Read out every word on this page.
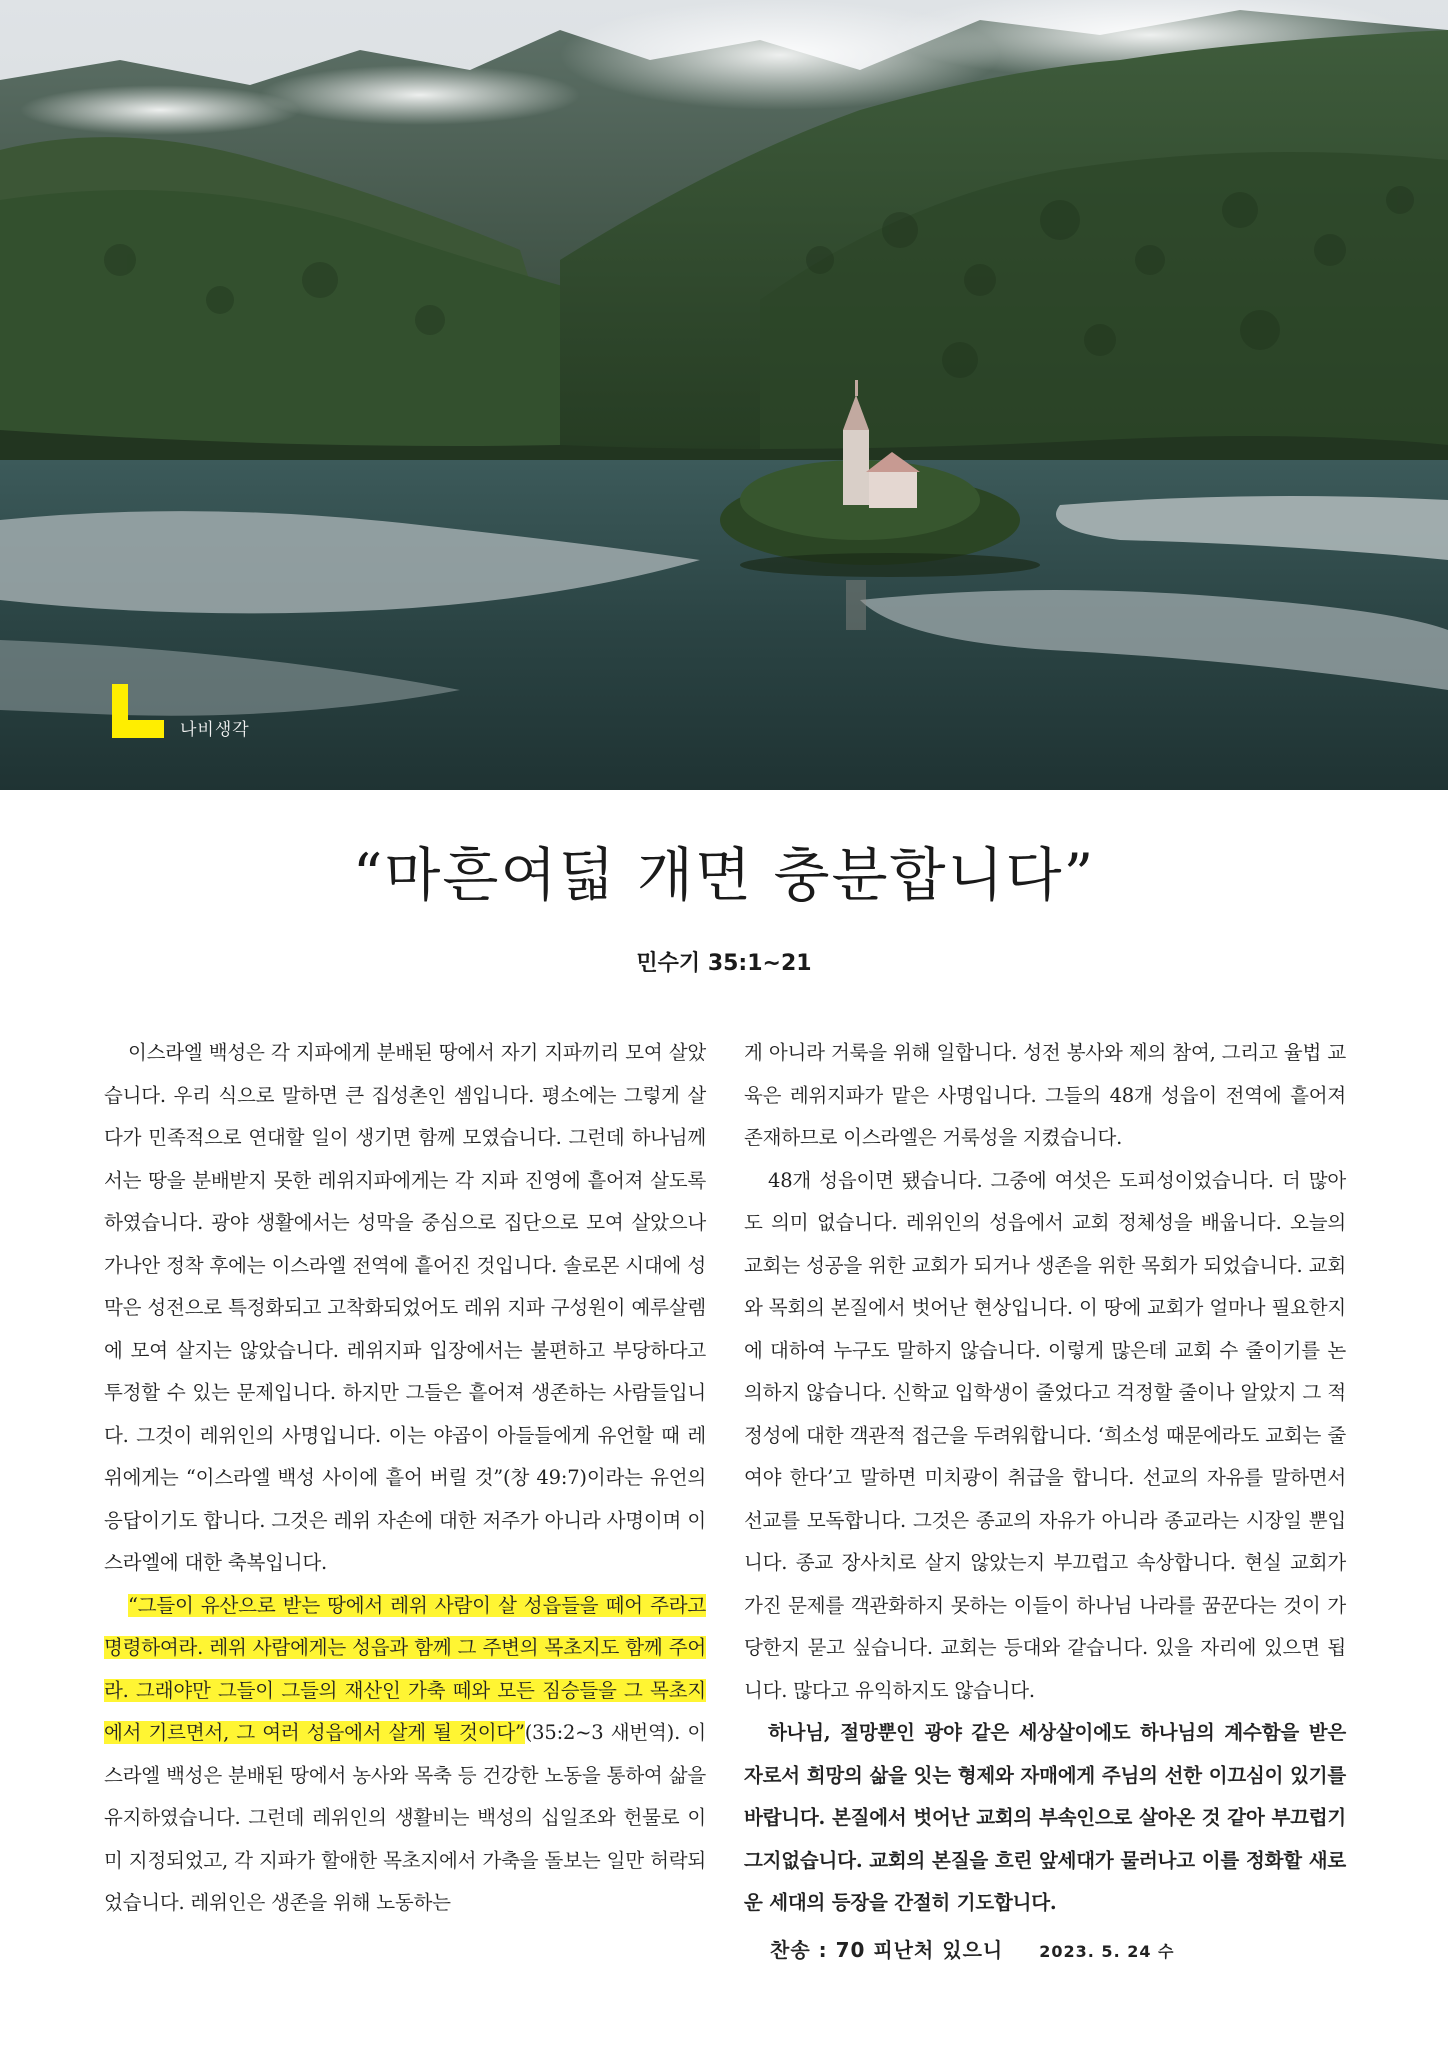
나비생각
“마흔여덟 개면 충분합니다”
민수기 35:1~21

이스라엘 백성은 각 지파에게 분배된 땅에서 자기 지파끼리 모여 살았습니다. 우리 식으로 말하면 큰 집성촌인 셈입니다. 평소에는 그렇게 살다가 민족적으로 연대할 일이 생기면 함께 모였습니다. 그런데 하나님께서는 땅을 분배받지 못한 레위지파에게는 각 지파 진영에 흩어져 살도록 하였습니다. 광야 생활에서는 성막을 중심으로 집단으로 모여 살았으나 가나안 정착 후에는 이스라엘 전역에 흩어진 것입니다. 솔로몬 시대에 성막은 성전으로 특정화되고 고착화되었어도 레위 지파 구성원이 예루살렘에 모여 살지는 않았습니다. 레위지파 입장에서는 불편하고 부당하다고 투정할 수 있는 문제입니다. 하지만 그들은 흩어져 생존하는 사람들입니다. 그것이 레위인의 사명입니다. 이는 야곱이 아들들에게 유언할 때 레위에게는 “이스라엘 백성 사이에 흩어 버릴 것”(창 49:7)이라는 유언의 응답이기도 합니다. 그것은 레위 자손에 대한 저주가 아니라 사명이며 이스라엘에 대한 축복입니다.

“그들이 유산으로 받는 땅에서 레위 사람이 살 성읍들을 떼어 주라고 명령하여라. 레위 사람에게는 성읍과 함께 그 주변의 목초지도 함께 주어라. 그래야만 그들이 그들의 재산인 가축 떼와 모든 짐승들을 그 목초지에서 기르면서, 그 여러 성읍에서 살게 될 것이다”(35:2~3 새번역). 이스라엘 백성은 분배된 땅에서 농사와 목축 등 건강한 노동을 통하여 삶을 유지하였습니다. 그런데 레위인의 생활비는 백성의 십일조와 헌물로 이미 지정되었고, 각 지파가 할애한 목초지에서 가축을 돌보는 일만 허락되었습니다. 레위인은 생존을 위해 노동하는

게 아니라 거룩을 위해 일합니다. 성전 봉사와 제의 참여, 그리고 율법 교육은 레위지파가 맡은 사명입니다. 그들의 48개 성읍이 전역에 흩어져 존재하므로 이스라엘은 거룩성을 지켰습니다.

48개 성읍이면 됐습니다. 그중에 여섯은 도피성이었습니다. 더 많아도 의미 없습니다. 레위인의 성읍에서 교회 정체성을 배웁니다. 오늘의 교회는 성공을 위한 교회가 되거나 생존을 위한 목회가 되었습니다. 교회와 목회의 본질에서 벗어난 현상입니다. 이 땅에 교회가 얼마나 필요한지에 대하여 누구도 말하지 않습니다. 이렇게 많은데 교회 수 줄이기를 논의하지 않습니다. 신학교 입학생이 줄었다고 걱정할 줄이나 알았지 그 적정성에 대한 객관적 접근을 두려워합니다. ‘희소성 때문에라도 교회는 줄여야 한다’고 말하면 미치광이 취급을 합니다. 선교의 자유를 말하면서 선교를 모독합니다. 그것은 종교의 자유가 아니라 종교라는 시장일 뿐입니다. 종교 장사치로 살지 않았는지 부끄럽고 속상합니다. 현실 교회가 가진 문제를 객관화하지 못하는 이들이 하나님 나라를 꿈꾼다는 것이 가당한지 묻고 싶습니다. 교회는 등대와 같습니다. 있을 자리에 있으면 됩니다. 많다고 유익하지도 않습니다.

하나님, 절망뿐인 광야 같은 세상살이에도 하나님의 계수함을 받은 자로서 희망의 삶을 잇는 형제와 자매에게 주님의 선한 이끄심이 있기를 바랍니다. 본질에서 벗어난 교회의 부속인으로 살아온 것 같아 부끄럽기 그지없습니다. 교회의 본질을 흐린 앞세대가 물러나고 이를 정화할 새로운 세대의 등장을 간절히 기도합니다.

찬송 : 70 피난처 있으니 2023. 5. 24 수
